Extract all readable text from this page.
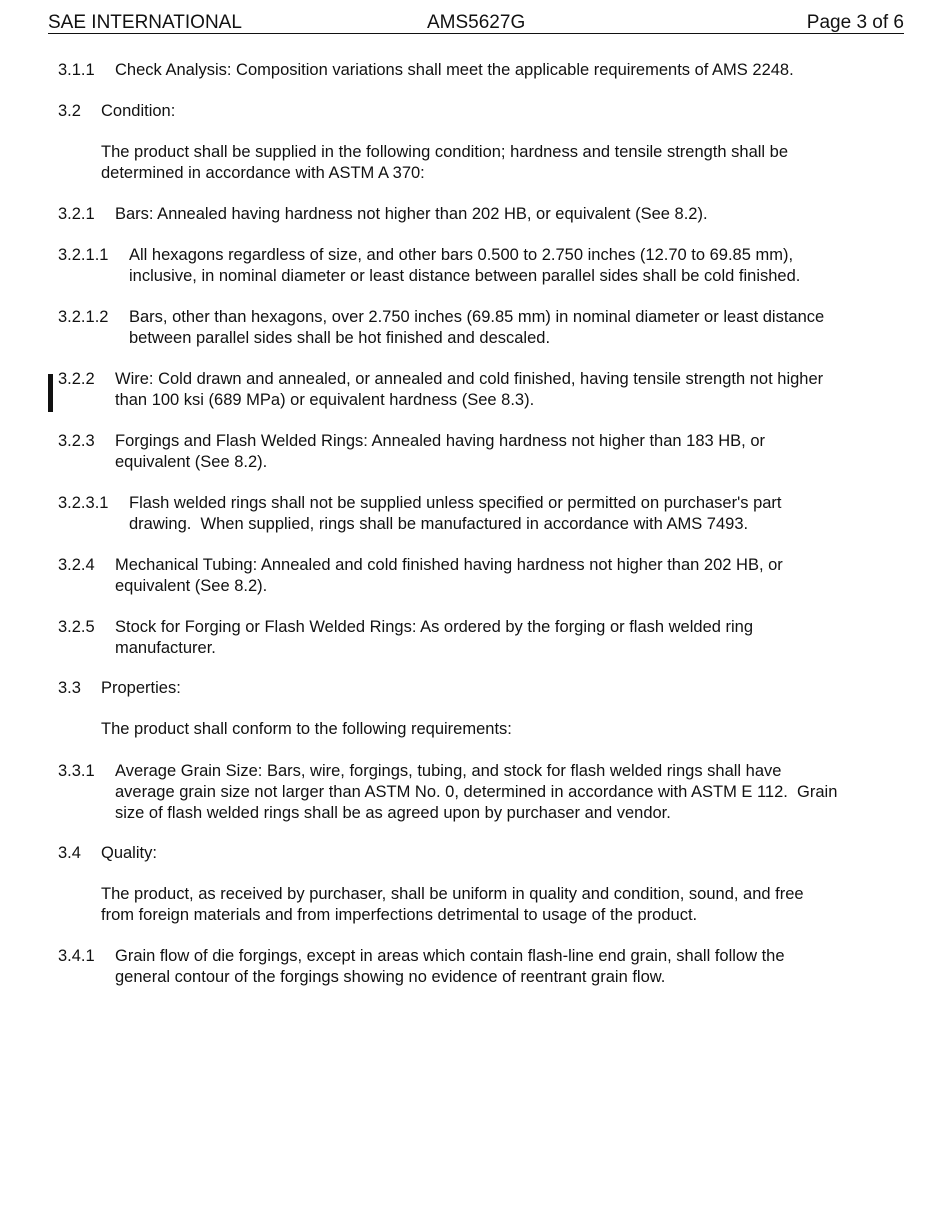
SAE INTERNATIONAL	AMS5627G	Page 3 of 6
3.1.1 Check Analysis: Composition variations shall meet the applicable requirements of AMS 2248.
3.2 Condition:
The product shall be supplied in the following condition; hardness and tensile strength shall be
determined in accordance with ASTM A 370:
3.2.1 Bars: Annealed having hardness not higher than 202 HB, or equivalent (See 8.2).
3.2.1.1 All hexagons regardless of size, and other bars 0.500 to 2.750 inches (12.70 to 69.85 mm),
inclusive, in nominal diameter or least distance between parallel sides shall be cold finished.
3.2.1.2 Bars, other than hexagons, over 2.750 inches (69.85 mm) in nominal diameter or least distance
between parallel sides shall be hot finished and descaled.
3.2.2 Wire: Cold drawn and annealed, or annealed and cold finished, having tensile strength not higher
than 100 ksi (689 MPa) or equivalent hardness (See 8.3).
3.2.3 Forgings and Flash Welded Rings: Annealed having hardness not higher than 183 HB, or
equivalent (See 8.2).
3.2.3.1 Flash welded rings shall not be supplied unless specified or permitted on purchaser's part
drawing.  When supplied, rings shall be manufactured in accordance with AMS 7493.
3.2.4 Mechanical Tubing: Annealed and cold finished having hardness not higher than 202 HB, or
equivalent (See 8.2).
3.2.5 Stock for Forging or Flash Welded Rings: As ordered by the forging or flash welded ring
manufacturer.
3.3 Properties:
The product shall conform to the following requirements:
3.3.1 Average Grain Size: Bars, wire, forgings, tubing, and stock for flash welded rings shall have
average grain size not larger than ASTM No. 0, determined in accordance with ASTM E 112.  Grain
size of flash welded rings shall be as agreed upon by purchaser and vendor.
3.4 Quality:
The product, as received by purchaser, shall be uniform in quality and condition, sound, and free
from foreign materials and from imperfections detrimental to usage of the product.
3.4.1 Grain flow of die forgings, except in areas which contain flash-line end grain, shall follow the
general contour of the forgings showing no evidence of reentrant grain flow.
